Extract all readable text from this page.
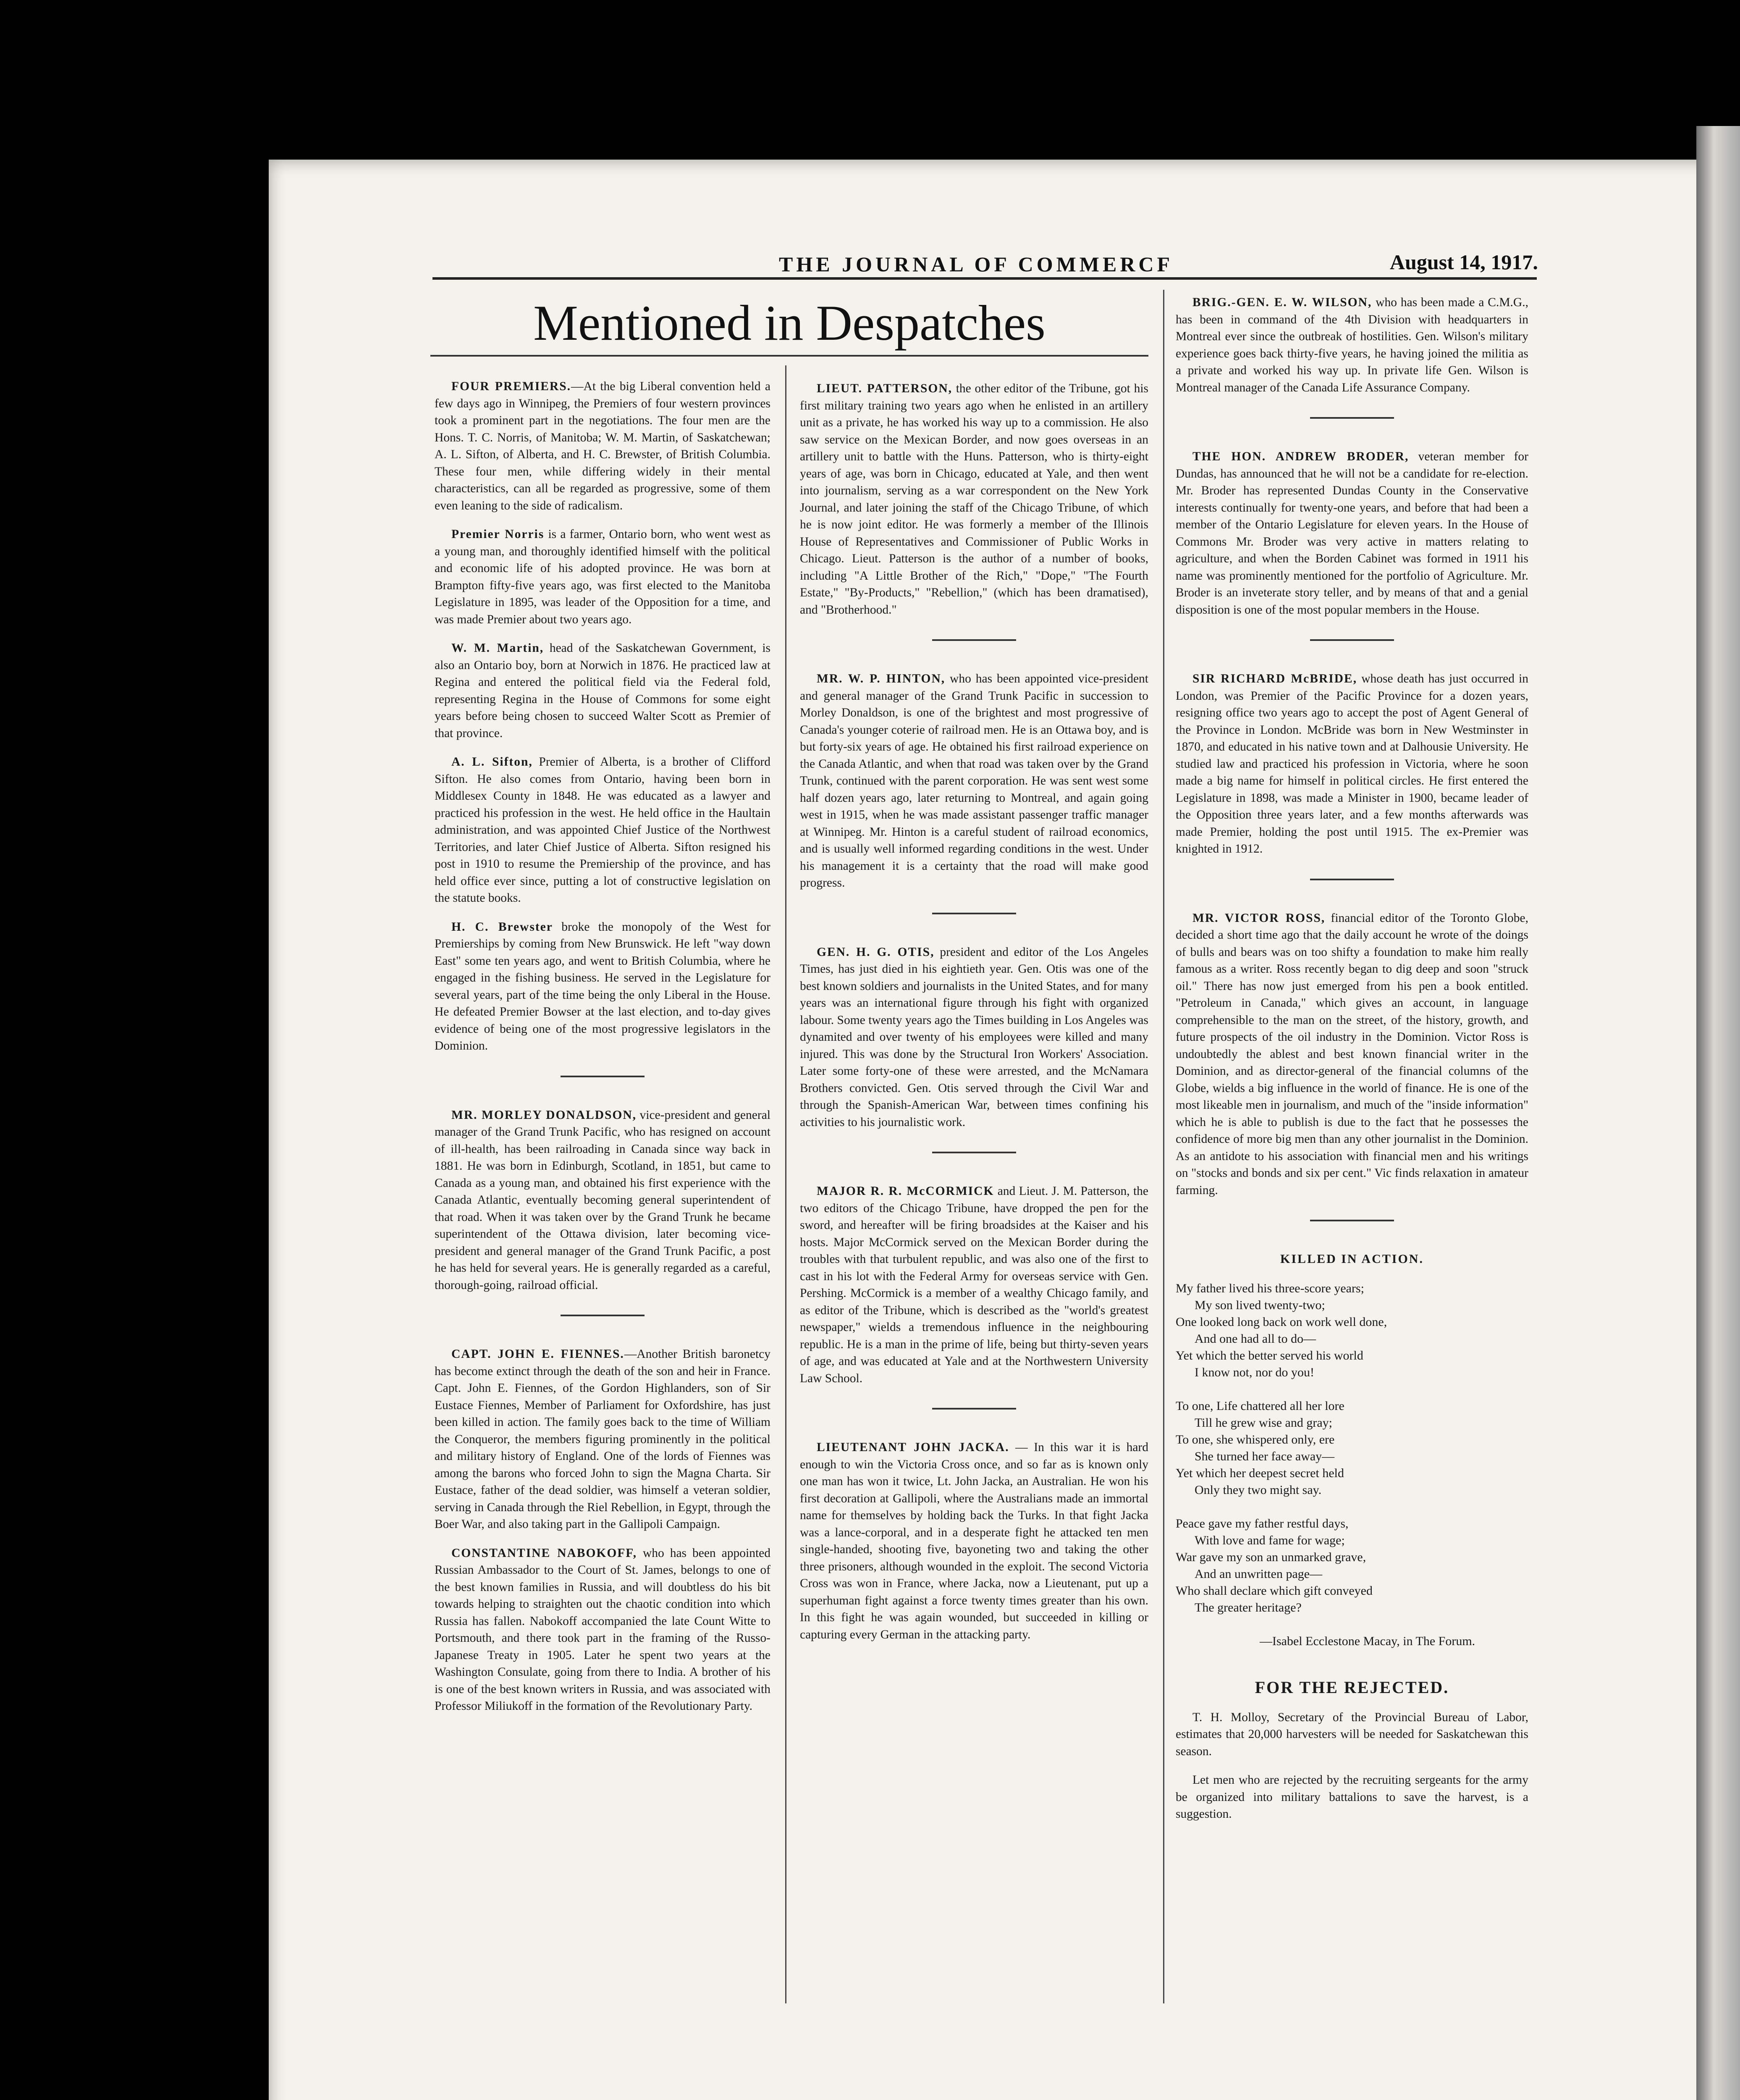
THE JOURNAL OF COMMERCF	August 14, 1917.
Mentioned in Despatches

FOUR PREMIERS.—At the big Liberal convention held a few days ago in Winnipeg, the Premiers of four western provinces took a prominent part in the negotiations. The four men are the Hons. T. C. Norris, of Manitoba; W. M. Martin, of Saskatchewan; A. L. Sifton, of Alberta, and H. C. Brewster, of British Columbia. These four men, while differing widely in their mental characteristics, can all be regarded as progressive, some of them even leaning to the side of radicalism.

Premier Norris is a farmer, Ontario born, who went west as a young man, and thoroughly identified himself with the political and economic life of his adopted province. He was born at Brampton fifty-five years ago, was first elected to the Manitoba Legislature in 1895, was leader of the Opposition for a time, and was made Premier about two years ago.

W. M. Martin, head of the Saskatchewan Government, is also an Ontario boy, born at Norwich in 1876. He practiced law at Regina and entered the political field via the Federal fold, representing Regina in the House of Commons for some eight years before being chosen to succeed Walter Scott as Premier of that province.

A. L. Sifton, Premier of Alberta, is a brother of Clifford Sifton. He also comes from Ontario, having been born in Middlesex County in 1848. He was educated as a lawyer and practiced his profession in the west. He held office in the Haultain administration, and was appointed Chief Justice of the Northwest Territories, and later Chief Justice of Alberta. Sifton resigned his post in 1910 to resume the Premiership of the province, and has held office ever since, putting a lot of constructive legislation on the statute books.

H. C. Brewster broke the monopoly of the West for Premierships by coming from New Brunswick. He left "way down East" some ten years ago, and went to British Columbia, where he engaged in the fishing business. He served in the Legislature for several years, part of the time being the only Liberal in the House. He defeated Premier Bowser at the last election, and to-day gives evidence of being one of the most progressive legislators in the Dominion.

MR. MORLEY DONALDSON, vice-president and general manager of the Grand Trunk Pacific, who has resigned on account of ill-health, has been railroading in Canada since way back in 1881. He was born in Edinburgh, Scotland, in 1851, but came to Canada as a young man, and obtained his first experience with the Canada Atlantic, eventually becoming general superintendent of that road. When it was taken over by the Grand Trunk he became superintendent of the Ottawa division, later becoming vice-president and general manager of the Grand Trunk Pacific, a post he has held for several years. He is generally regarded as a careful, thorough-going, railroad official.

CAPT. JOHN E. FIENNES.—Another British baronetcy has become extinct through the death of the son and heir in France. Capt. John E. Fiennes, of the Gordon Highlanders, son of Sir Eustace Fiennes, Member of Parliament for Oxfordshire, has just been killed in action. The family goes back to the time of William the Conqueror, the members figuring prominently in the political and military history of England. One of the lords of Fiennes was among the barons who forced John to sign the Magna Charta. Sir Eustace, father of the dead soldier, was himself a veteran soldier, serving in Canada through the Riel Rebellion, in Egypt, through the Boer War, and also taking part in the Gallipoli Campaign.

CONSTANTINE NABOKOFF, who has been appointed Russian Ambassador to the Court of St. James, belongs to one of the best known families in Russia, and will doubtless do his bit towards helping to straighten out the chaotic condition into which Russia has fallen. Nabokoff accompanied the late Count Witte to Portsmouth, and there took part in the framing of the Russo-Japanese Treaty in 1905. Later he spent two years at the Washington Consulate, going from there to India. A brother of his is one of the best known writers in Russia, and was associated with Professor Miliukoff in the formation of the Revolutionary Party.

LIEUT. PATTERSON, the other editor of the Tribune, got his first military training two years ago when he enlisted in an artillery unit as a private, he has worked his way up to a commission. He also saw service on the Mexican Border, and now goes overseas in an artillery unit to battle with the Huns. Patterson, who is thirty-eight years of age, was born in Chicago, educated at Yale, and then went into journalism, serving as a war correspondent on the New York Journal, and later joining the staff of the Chicago Tribune, of which he is now joint editor. He was formerly a member of the Illinois House of Representatives and Commissioner of Public Works in Chicago. Lieut. Patterson is the author of a number of books, including "A Little Brother of the Rich," "Dope," "The Fourth Estate," "By-Products," "Rebellion," (which has been dramatised), and "Brotherhood."

MR. W. P. HINTON, who has been appointed vice-president and general manager of the Grand Trunk Pacific in succession to Morley Donaldson, is one of the brightest and most progressive of Canada's younger coterie of railroad men. He is an Ottawa boy, and is but forty-six years of age. He obtained his first railroad experience on the Canada Atlantic, and when that road was taken over by the Grand Trunk, continued with the parent corporation. He was sent west some half dozen years ago, later returning to Montreal, and again going west in 1915, when he was made assistant passenger traffic manager at Winnipeg. Mr. Hinton is a careful student of railroad economics, and is usually well informed regarding conditions in the west. Under his management it is a certainty that the road will make good progress.

GEN. H. G. OTIS, president and editor of the Los Angeles Times, has just died in his eightieth year. Gen. Otis was one of the best known soldiers and journalists in the United States, and for many years was an international figure through his fight with organized labour. Some twenty years ago the Times building in Los Angeles was dynamited and over twenty of his employees were killed and many injured. This was done by the Structural Iron Workers' Association. Later some forty-one of these were arrested, and the McNamara Brothers convicted. Gen. Otis served through the Civil War and through the Spanish-American War, between times confining his activities to his journalistic work.

MAJOR R. R. McCORMICK and Lieut. J. M. Patterson, the two editors of the Chicago Tribune, have dropped the pen for the sword, and hereafter will be firing broadsides at the Kaiser and his hosts. Major McCormick served on the Mexican Border during the troubles with that turbulent republic, and was also one of the first to cast in his lot with the Federal Army for overseas service with Gen. Pershing. McCormick is a member of a wealthy Chicago family, and as editor of the Tribune, which is described as the "world's greatest newspaper," wields a tremendous influence in the neighbouring republic. He is a man in the prime of life, being but thirty-seven years of age, and was educated at Yale and at the Northwestern University Law School.

LIEUTENANT JOHN JACKA. — In this war it is hard enough to win the Victoria Cross once, and so far as is known only one man has won it twice, Lt. John Jacka, an Australian. He won his first decoration at Gallipoli, where the Australians made an immortal name for themselves by holding back the Turks. In that fight Jacka was a lance-corporal, and in a desperate fight he attacked ten men single-handed, shooting five, bayoneting two and taking the other three prisoners, although wounded in the exploit. The second Victoria Cross was won in France, where Jacka, now a Lieutenant, put up a superhuman fight against a force twenty times greater than his own. In this fight he was again wounded, but succeeded in killing or capturing every German in the attacking party.

BRIG.-GEN. E. W. WILSON, who has been made a C.M.G., has been in command of the 4th Division with headquarters in Montreal ever since the outbreak of hostilities. Gen. Wilson's military experience goes back thirty-five years, he having joined the militia as a private and worked his way up. In private life Gen. Wilson is Montreal manager of the Canada Life Assurance Company.

THE HON. ANDREW BRODER, veteran member for Dundas, has announced that he will not be a candidate for re-election. Mr. Broder has represented Dundas County in the Conservative interests continually for twenty-one years, and before that had been a member of the Ontario Legislature for eleven years. In the House of Commons Mr. Broder was very active in matters relating to agriculture, and when the Borden Cabinet was formed in 1911 his name was prominently mentioned for the portfolio of Agriculture. Mr. Broder is an inveterate story teller, and by means of that and a genial disposition is one of the most popular members in the House.

SIR RICHARD McBRIDE, whose death has just occurred in London, was Premier of the Pacific Province for a dozen years, resigning office two years ago to accept the post of Agent General of the Province in London. McBride was born in New Westminster in 1870, and educated in his native town and at Dalhousie University. He studied law and practiced his profession in Victoria, where he soon made a big name for himself in political circles. He first entered the Legislature in 1898, was made a Minister in 1900, became leader of the Opposition three years later, and a few months afterwards was made Premier, holding the post until 1915. The ex-Premier was knighted in 1912.

MR. VICTOR ROSS, financial editor of the Toronto Globe, decided a short time ago that the daily account he wrote of the doings of bulls and bears was on too shifty a foundation to make him really famous as a writer. Ross recently began to dig deep and soon "struck oil." There has now just emerged from his pen a book entitled. "Petroleum in Canada," which gives an account, in language comprehensible to the man on the street, of the history, growth, and future prospects of the oil industry in the Dominion. Victor Ross is undoubtedly the ablest and best known financial writer in the Dominion, and as director-general of the financial columns of the Globe, wields a big influence in the world of finance. He is one of the most likeable men in journalism, and much of the "inside information" which he is able to publish is due to the fact that he possesses the confidence of more big men than any other journalist in the Dominion. As an antidote to his association with financial men and his writings on "stocks and bonds and six per cent." Vic finds relaxation in amateur farming.

KILLED IN ACTION.
My father lived his three-score years;
My son lived twenty-two;
One looked long back on work well done,
And one had all to do—
Yet which the better served his world
I know not, nor do you!
To one, Life chattered all her lore
Till he grew wise and gray;
To one, she whispered only, ere
She turned her face away—
Yet which her deepest secret held
Only they two might say.
Peace gave my father restful days,
With love and fame for wage;
War gave my son an unmarked grave,
And an unwritten page—
Who shall declare which gift conveyed
The greater heritage?
—Isabel Ecclestone Macay, in The Forum.
FOR THE REJECTED.

T. H. Molloy, Secretary of the Provincial Bureau of Labor, estimates that 20,000 harvesters will be needed for Saskatchewan this season.

Let men who are rejected by the recruiting sergeants for the army be organized into military battalions to save the harvest, is a suggestion.
